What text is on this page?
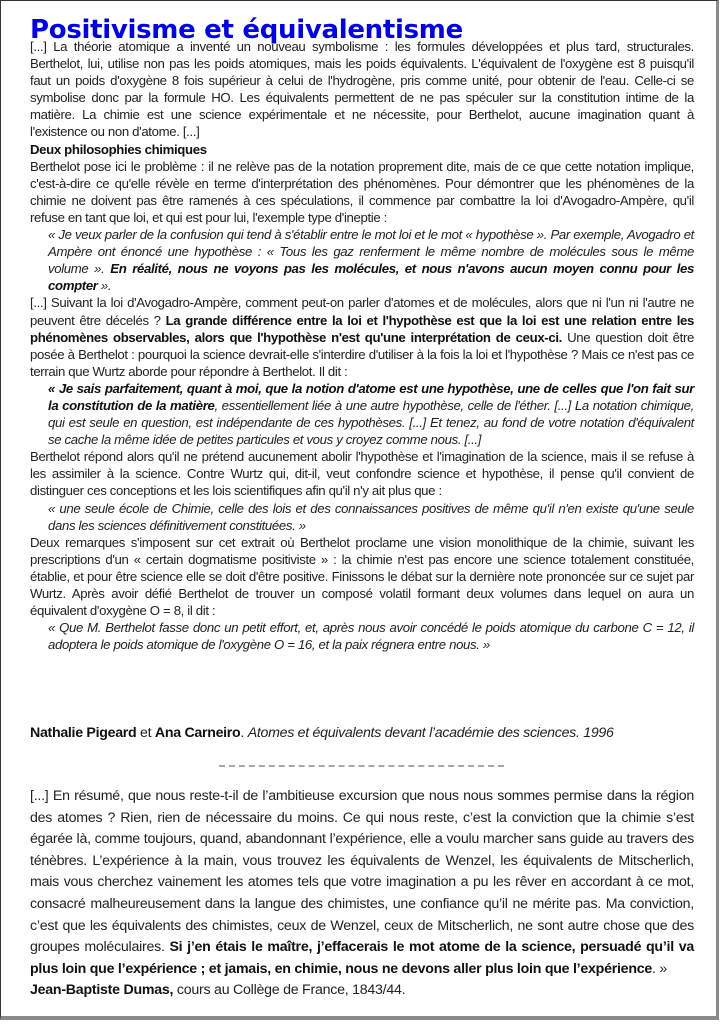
Positivisme et équivalentisme

[...] La théorie atomique a inventé un nouveau symbolisme : les formules développées et plus tard, structurales. Berthelot, lui, utilise non pas les poids atomiques, mais les poids équivalents. L'équivalent de l'oxygène est 8 puisqu'il faut un poids d'oxygène 8 fois supérieur à celui de l'hydrogène, pris comme unité, pour obtenir de l'eau. Celle-ci se symbolise donc par la formule HO. Les équivalents permettent de ne pas spéculer sur la constitution intime de la matière. La chimie est une science expérimentale et ne nécessite, pour Berthelot, aucune imagination quant à l'existence ou non d'atome. [...]

Deux philosophies chimiques

Berthelot pose ici le problème : il ne relève pas de la notation proprement dite, mais de ce que cette notation implique, c'est-à-dire ce qu'elle révèle en terme d'interprétation des phénomènes. Pour démontrer que les phénomènes de la chimie ne doivent pas être ramenés à ces spéculations, il commence par combattre la loi d'Avogadro-Ampère, qu'il refuse en tant que loi, et qui est pour lui, l'exemple type d'ineptie :

« Je veux parler de la confusion qui tend à s'établir entre le mot loi et le mot « hypothèse ». Par exemple, Avogadro et Ampère ont énoncé une hypothèse : « Tous les gaz renferment le même nombre de molécules sous le même volume ». En réalité, nous ne voyons pas les molécules, et nous n'avons aucun moyen connu pour les compter ».

[...] Suivant la loi d'Avogadro-Ampère, comment peut-on parler d'atomes et de molécules, alors que ni l'un ni l'autre ne peuvent être décelés ? La grande différence entre la loi et l'hypothèse est que la loi est une relation entre les phénomènes observables, alors que l'hypothèse n'est qu'une interprétation de ceux-ci. Une question doit être posée à Berthelot : pourquoi la science devrait-elle s'interdire d'utiliser à la fois la loi et l'hypothèse ? Mais ce n'est pas ce terrain que Wurtz aborde pour répondre à Berthelot. Il dit :

« Je sais parfaitement, quant à moi, que la notion d'atome est une hypothèse, une de celles que l'on fait sur la constitution de la matière, essentiellement liée à une autre hypothèse, celle de l'éther. [...] La notation chimique, qui est seule en question, est indépendante de ces hypothèses. [...] Et tenez, au fond de votre notation d'équivalent se cache la même idée de petites particules et vous y croyez comme nous. [...]

Berthelot répond alors qu'il ne prétend aucunement abolir l'hypothèse et l'imagination de la science, mais il se refuse à les assimiler à la science. Contre Wurtz qui, dit-il, veut confondre science et hypothèse, il pense qu'il convient de distinguer ces conceptions et les lois scientifiques afin qu'il n'y ait plus que :

« une seule école de Chimie, celle des lois et des connaissances positives de même qu'il n'en existe qu'une seule dans les sciences définitivement constituées. »

Deux remarques s'imposent sur cet extrait où Berthelot proclame une vision monolithique de la chimie, suivant les prescriptions d'un « certain dogmatisme positiviste » : la chimie n'est pas encore une science totalement constituée, établie, et pour être science elle se doit d'être positive. Finissons le débat sur la dernière note prononcée sur ce sujet par Wurtz. Après avoir défié Berthelot de trouver un composé volatil formant deux volumes dans lequel on aura un équivalent d'oxygène O = 8, il dit :

« Que M. Berthelot fasse donc un petit effort, et, après nous avoir concédé le poids atomique du carbone C = 12, il adoptera le poids atomique de l'oxygène O = 16, et la paix régnera entre nous. »

Nathalie Pigeard et Ana Carneiro. Atomes et équivalents devant l’académie des sciences. 1996

[...] En résumé, que nous reste-t-il de l’ambitieuse excursion que nous nous sommes permise dans la région des atomes ? Rien, rien de nécessaire du moins. Ce qui nous reste, c’est la conviction que la chimie s’est égarée là, comme toujours, quand, abandonnant l’expérience, elle a voulu marcher sans guide au travers des ténèbres. L’expérience à la main, vous trouvez les équivalents de Wenzel, les équivalents de Mitscherlich, mais vous cherchez vainement les atomes tels que votre imagination a pu les rêver en accordant à ce mot, consacré malheureusement dans la langue des chimistes, une confiance qu’il ne mérite pas. Ma conviction, c’est que les équivalents des chimistes, ceux de Wenzel, ceux de Mitscherlich, ne sont autre chose que des groupes moléculaires. Si j’en étais le maître, j’effacerais le mot atome de la science, persuadé qu’il va plus loin que l’expérience ; et jamais, en chimie, nous ne devons aller plus loin que l’expérience. »

Jean-Baptiste Dumas, cours au Collège de France, 1843/44.
